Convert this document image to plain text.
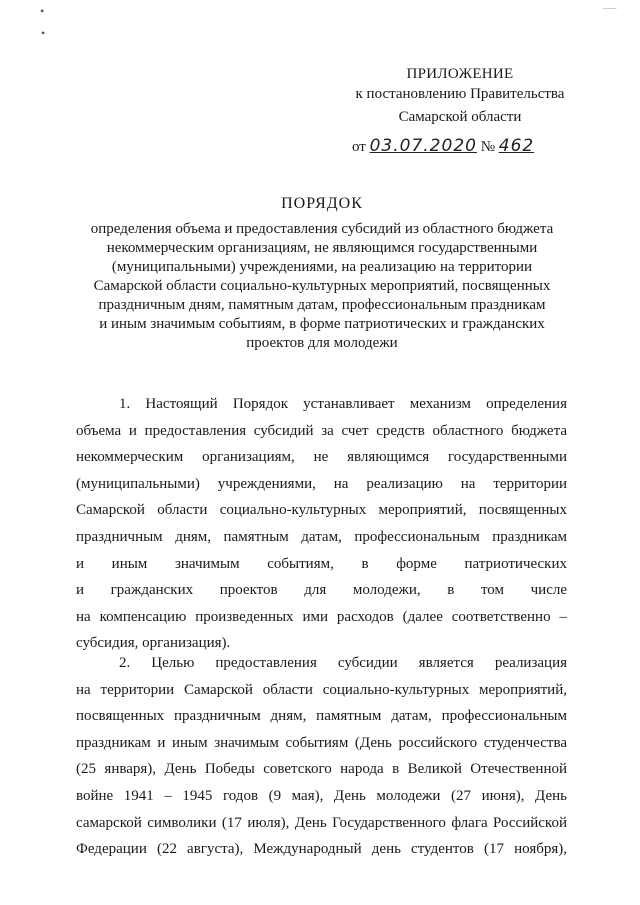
•
•
___
ПРИЛОЖЕНИЕ
к постановлению Правительства
Самарской области
от 03.07.2020 № 462
ПОРЯДОК
определения объема и предоставления субсидий из областного бюджета
некоммерческим организациям, не являющимся государственными
(муниципальными) учреждениями, на реализацию на территории
Самарской области социально-культурных мероприятий, посвященных
праздничным дням, памятным датам, профессиональным праздникам
и иным значимым событиям, в форме патриотических и гражданских
проектов для молодежи
1. Настоящий Порядок устанавливает механизм определения
объема и предоставления субсидий за счет средств областного бюджета
некоммерческим организациям, не являющимся государственными
(муниципальными) учреждениями, на реализацию на территории
Самарской области социально-культурных мероприятий, посвященных
праздничным дням, памятным датам, профессиональным праздникам
и иным значимым событиям, в форме патриотических
и гражданских проектов для молодежи, в том числе
на компенсацию произведенных ими расходов (далее соответственно –
субсидия, организация).
2. Целью предоставления субсидии является реализация
на территории Самарской области социально-культурных мероприятий,
посвященных праздничным дням, памятным датам, профессиональным
праздникам и иным значимым событиям (День российского студенчества
(25 января), День Победы советского народа в Великой Отечественной
войне 1941 – 1945 годов (9 мая), День молодежи (27 июня), День
самарской символики (17 июля), День Государственного флага Российской
Федерации (22 августа), Международный день студентов (17 ноября),
